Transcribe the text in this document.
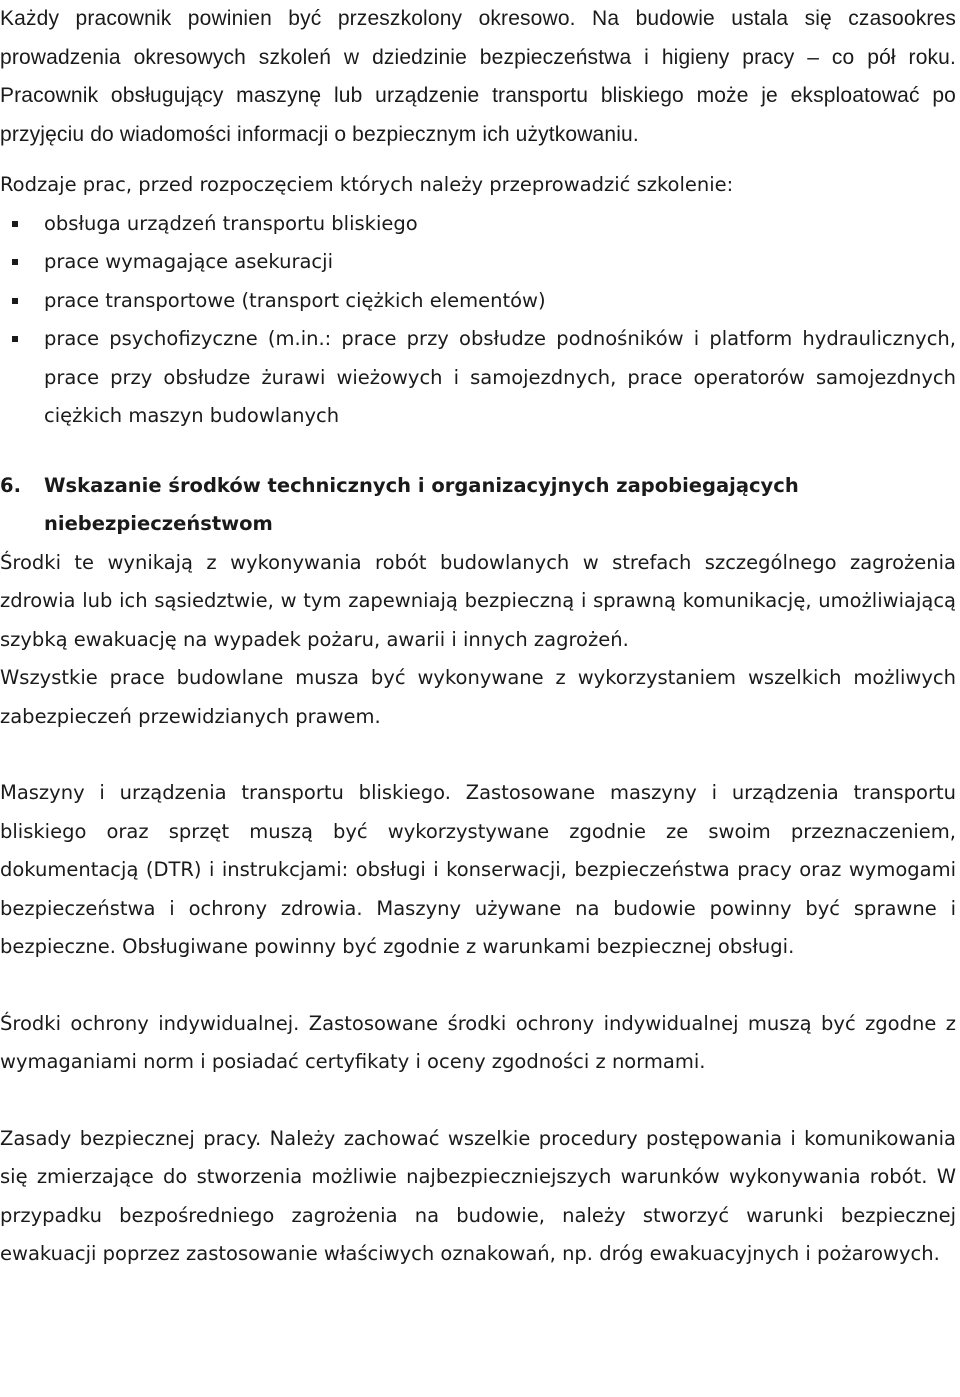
Każdy pracownik powinien być przeszkolony okresowo. Na budowie ustala się czasookres prowadzenia okresowych szkoleń w dziedzinie bezpieczeństwa i higieny pracy – co pół roku. Pracownik obsługujący maszynę lub urządzenie transportu bliskiego może je eksploatować po przyjęciu do wiadomości informacji o bezpiecznym ich użytkowaniu.

Rodzaje prac, przed rozpoczęciem których należy przeprowadzić szkolenie:

obsługa urządzeń transportu bliskiego
prace wymagające asekuracji
prace transportowe (transport ciężkich elementów)
prace psychofizyczne (m.in.: prace przy obsłudze podnośników i platform hydraulicznych, prace przy obsłudze żurawi wieżowych i samojezdnych, prace operatorów samojezdnych ciężkich maszyn budowlanych
6. Wskazanie środków technicznych i organizacyjnych zapobiegających niebezpieczeństwom

Środki te wynikają z wykonywania robót budowlanych w strefach szczególnego zagrożenia zdrowia lub ich sąsiedztwie, w tym zapewniają bezpieczną i sprawną komunikację, umożliwiającą szybką ewakuację na wypadek pożaru, awarii i innych zagrożeń.

Wszystkie prace budowlane musza być wykonywane z wykorzystaniem wszelkich możliwych zabezpieczeń przewidzianych prawem.

Maszyny i urządzenia transportu bliskiego. Zastosowane maszyny i urządzenia transportu bliskiego oraz sprzęt muszą być wykorzystywane zgodnie ze swoim przeznaczeniem, dokumentacją (DTR) i instrukcjami: obsługi i konserwacji, bezpieczeństwa pracy oraz wymogami bezpieczeństwa i ochrony zdrowia. Maszyny używane na budowie powinny być sprawne i bezpieczne. Obsługiwane powinny być zgodnie z warunkami bezpiecznej obsługi.

Środki ochrony indywidualnej. Zastosowane środki ochrony indywidualnej muszą być zgodne z wymaganiami norm i posiadać certyfikaty i oceny zgodności z normami.

Zasady bezpiecznej pracy. Należy zachować wszelkie procedury postępowania i komunikowania się zmierzające do stworzenia możliwie najbezpieczniejszych warunków wykonywania robót. W przypadku bezpośredniego zagrożenia na budowie, należy stworzyć warunki bezpiecznej ewakuacji poprzez zastosowanie właściwych oznakowań, np. dróg ewakuacyjnych i pożarowych.
